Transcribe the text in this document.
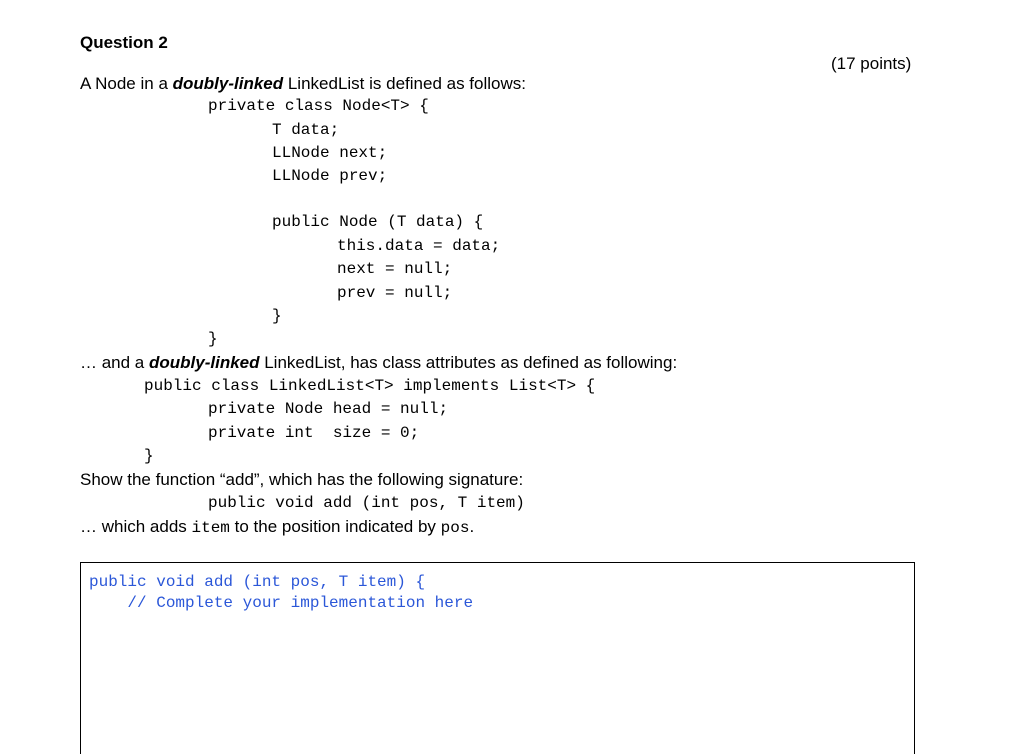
Question 2
(17 points)
A Node in a doubly-linked LinkedList is defined as follows:
private class Node<T> {
T data;
LLNode next;
LLNode prev;
public Node (T data) {
this.data = data;
next = null;
prev = null;
}
}
… and a doubly-linked LinkedList, has class attributes as defined as following:
public class LinkedList<T> implements List<T> {
private Node head = null;
private int  size = 0;
}
Show the function “add”, which has the following signature:
public void add (int pos, T item)
… which adds item to the position indicated by pos.
public void add (int pos, T item) {
// Complete your implementation here
